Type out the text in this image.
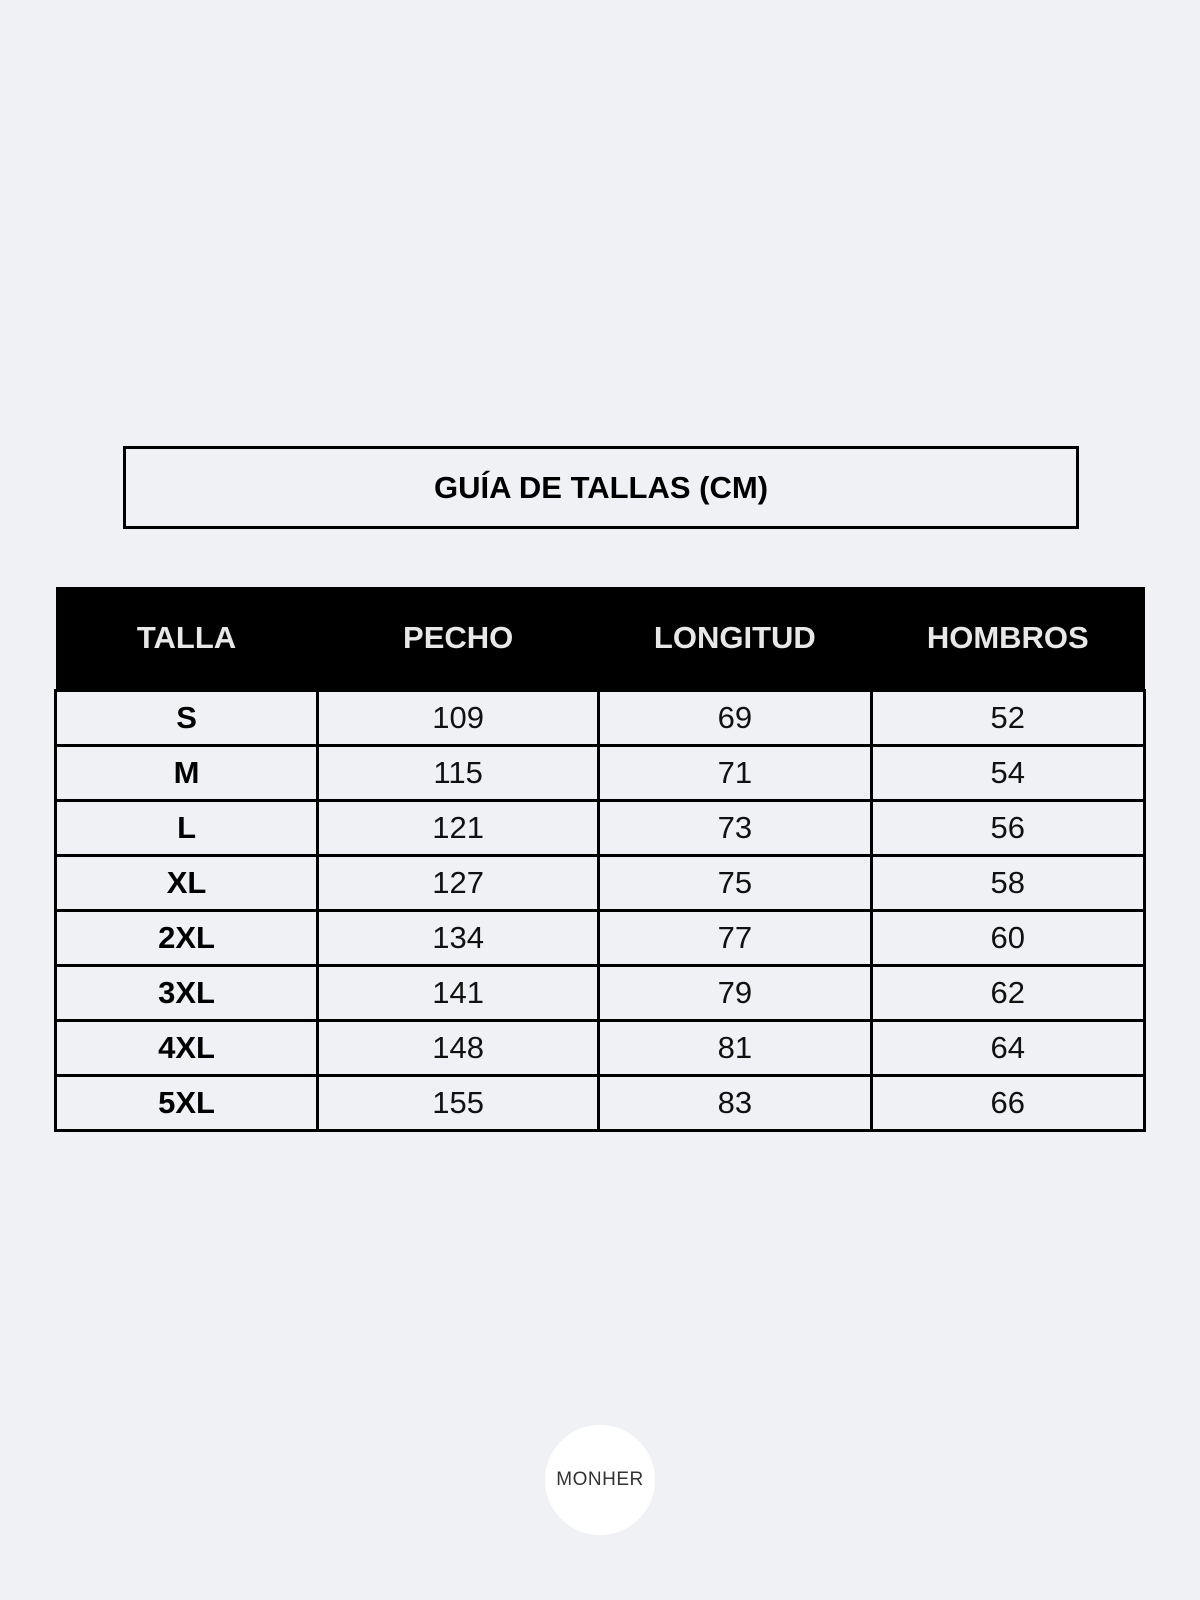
GUÍA DE TALLAS (CM)
TALLA	PECHO	LONGITUD	HOMBROS
S	109	69	52
M	115	71	54
L	121	73	56
XL	127	75	58
2XL	134	77	60
3XL	141	79	62
4XL	148	81	64
5XL	155	83	66
MONHER
